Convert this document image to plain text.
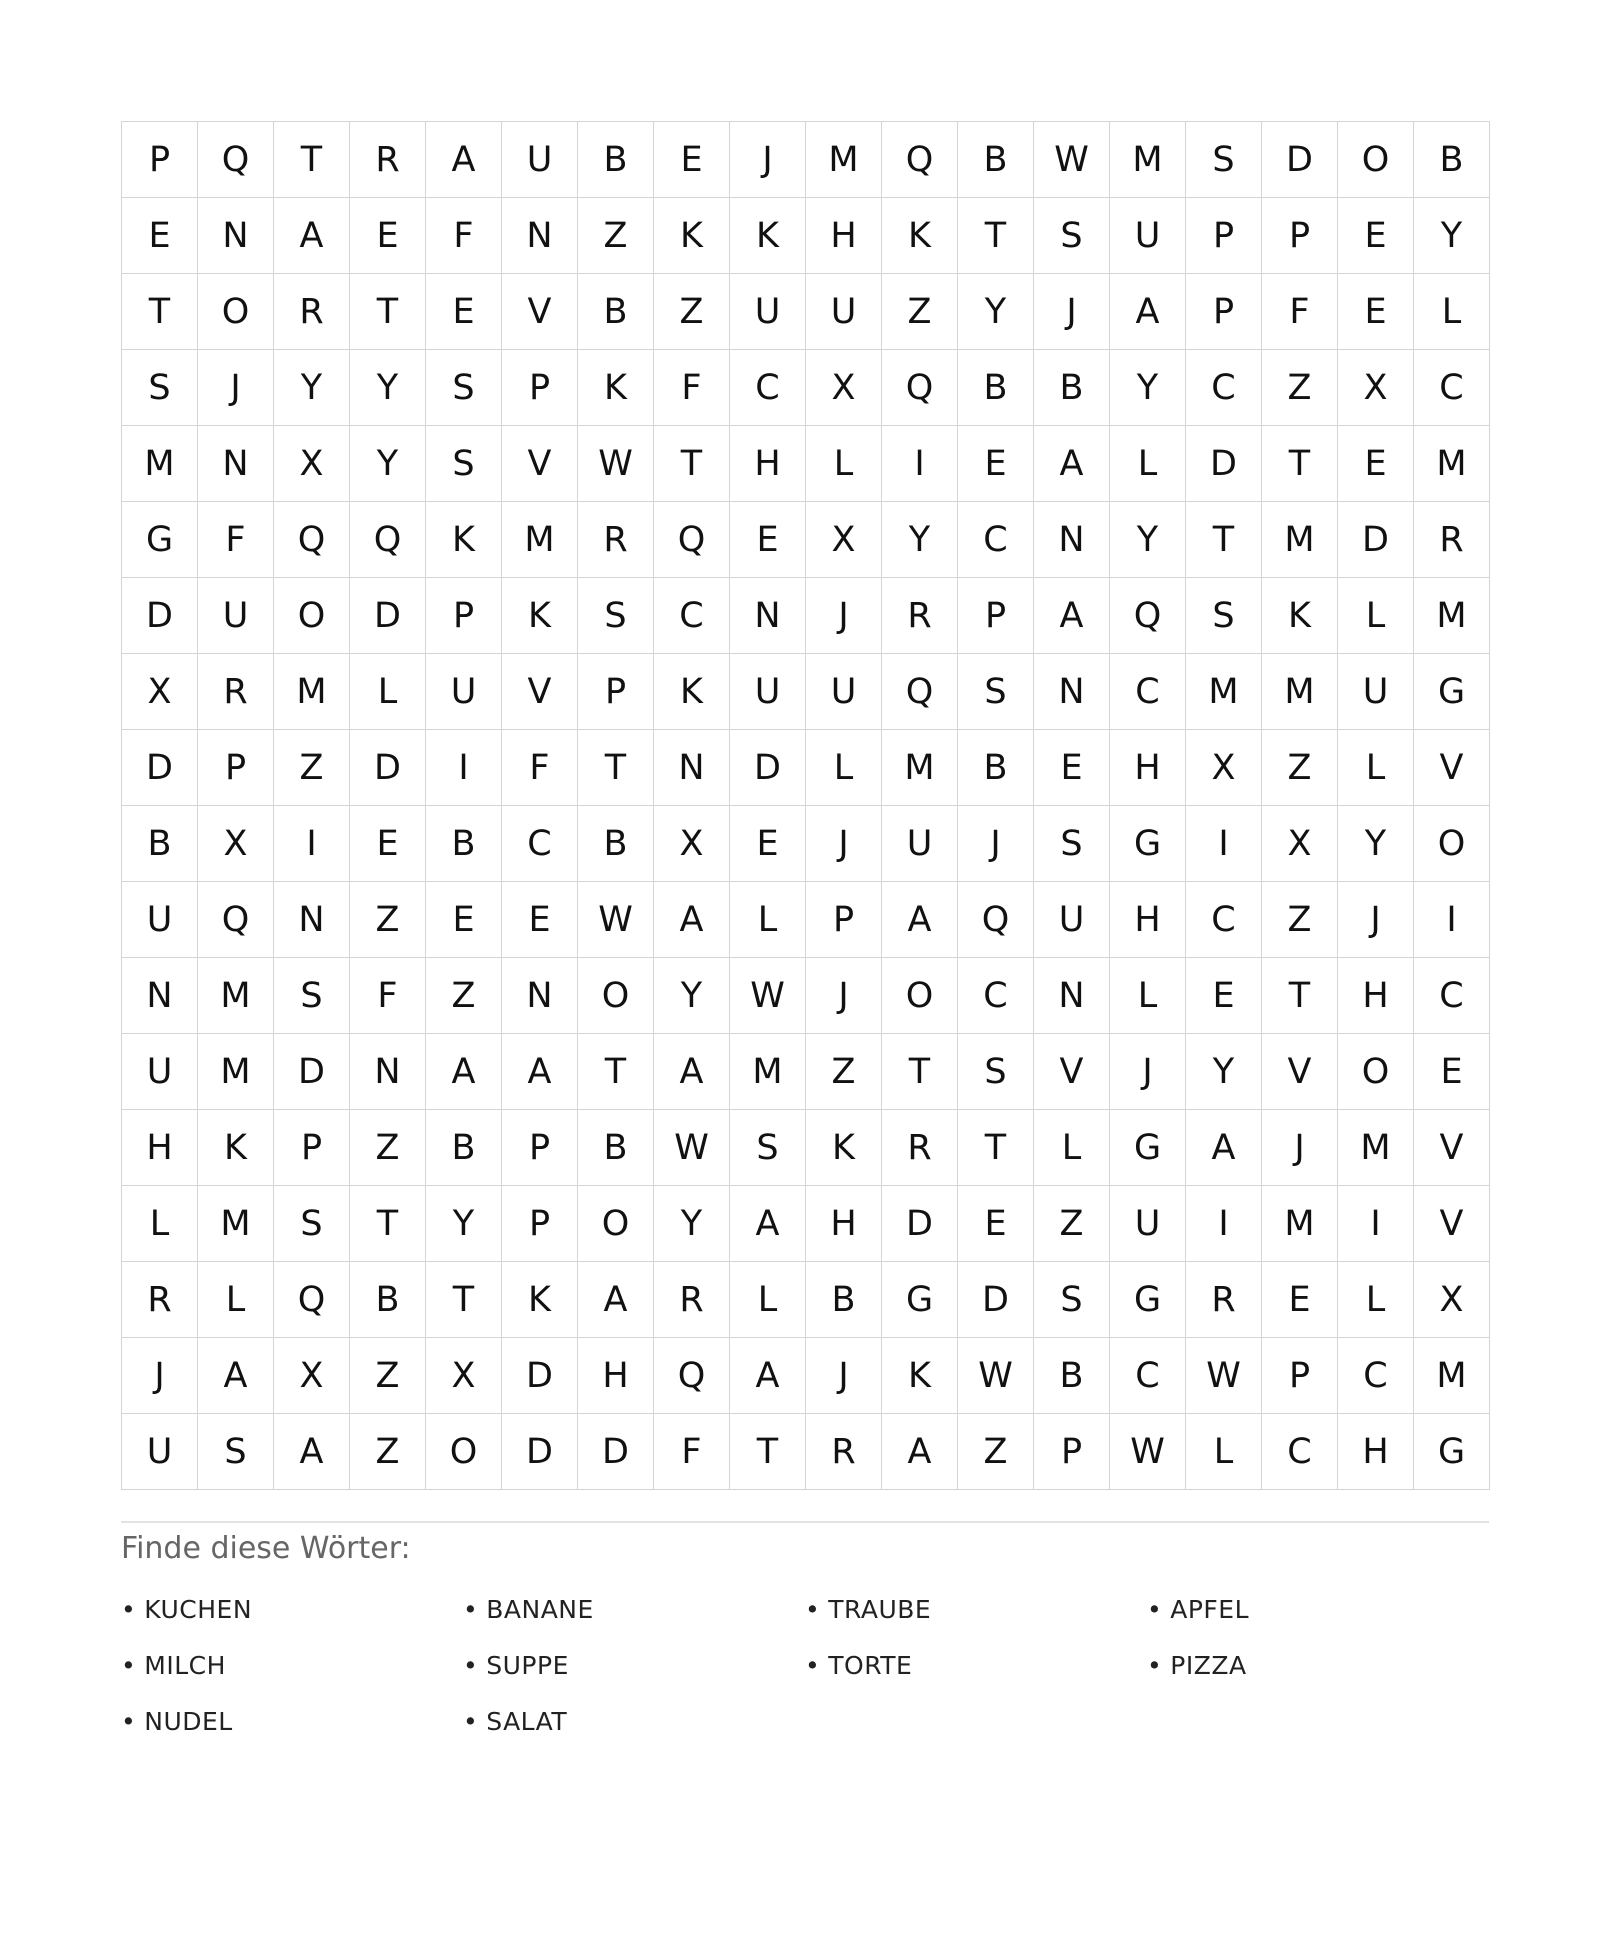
P	Q	T	R	A	U	B	E	J	M	Q	B	W	M	S	D	O	B
E	N	A	E	F	N	Z	K	K	H	K	T	S	U	P	P	E	Y
T	O	R	T	E	V	B	Z	U	U	Z	Y	J	A	P	F	E	L
S	J	Y	Y	S	P	K	F	C	X	Q	B	B	Y	C	Z	X	C
M	N	X	Y	S	V	W	T	H	L	I	E	A	L	D	T	E	M
G	F	Q	Q	K	M	R	Q	E	X	Y	C	N	Y	T	M	D	R
D	U	O	D	P	K	S	C	N	J	R	P	A	Q	S	K	L	M
X	R	M	L	U	V	P	K	U	U	Q	S	N	C	M	M	U	G
D	P	Z	D	I	F	T	N	D	L	M	B	E	H	X	Z	L	V
B	X	I	E	B	C	B	X	E	J	U	J	S	G	I	X	Y	O
U	Q	N	Z	E	E	W	A	L	P	A	Q	U	H	C	Z	J	I
N	M	S	F	Z	N	O	Y	W	J	O	C	N	L	E	T	H	C
U	M	D	N	A	A	T	A	M	Z	T	S	V	J	Y	V	O	E
H	K	P	Z	B	P	B	W	S	K	R	T	L	G	A	J	M	V
L	M	S	T	Y	P	O	Y	A	H	D	E	Z	U	I	M	I	V
R	L	Q	B	T	K	A	R	L	B	G	D	S	G	R	E	L	X
J	A	X	Z	X	D	H	Q	A	J	K	W	B	C	W	P	C	M
U	S	A	Z	O	D	D	F	T	R	A	Z	P	W	L	C	H	G
Finde diese Wörter:
• KUCHEN	• BANANE	• TRAUBE	• APFEL
• MILCH	• SUPPE	• TORTE	• PIZZA
• NUDEL	• SALAT
